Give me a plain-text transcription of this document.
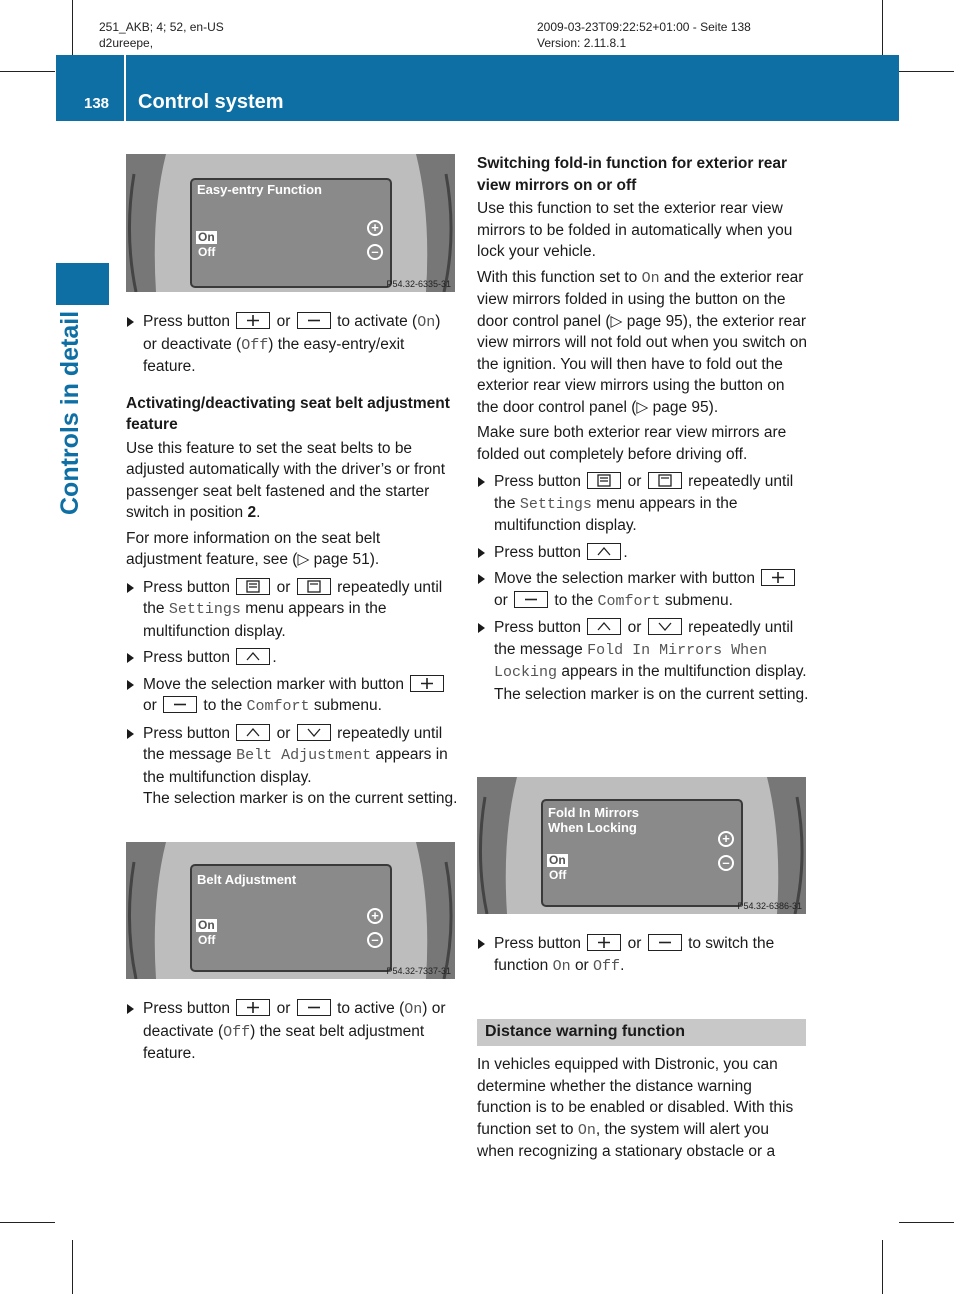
251_AKB; 4; 52, en-US
d2ureepe,
2009-03-23T09:22:52+01:00 - Seite 138
Version: 2.11.8.1
138 Control system
Controls in detail
Easy-entry Function
On
Off
+
–
P54.32-6335-31
Press button	or	to activate (On) or deactivate (Off) the easy-entry/exit feature.
Activating/deactivating seat belt adjustment feature

Use this feature to set the seat belts to be adjusted automatically with the driver’s or front passenger seat belt fastened and the starter switch in position 2.

For more information on the seat belt adjustment feature, see (▷ page 51).

Press button	or	repeatedly until the Settings menu appears in the multifunction display.
Press button	.
Move the selection marker with button
or	to the Comfort submenu.
Press button	or	repeatedly until the message Belt Adjustment appears in the multifunction display.
The selection marker is on the current setting.
Belt Adjustment
On
Off
+
–
P54.32-7337-31
Press button	or	to active (On) or deactivate (Off) the seat belt adjustment feature.
Switching fold-in function for exterior rear view mirrors on or off

Use this function to set the exterior rear view mirrors to be folded in automatically when you lock your vehicle.

With this function set to On and the exterior rear view mirrors folded in using the button on the door control panel (▷ page 95), the exterior rear view mirrors will not fold out when you switch on the ignition. You will then have to fold out the exterior rear view mirrors using the button on the door control panel (▷ page 95).

Make sure both exterior rear view mirrors are folded out completely before driving off.

Press button	or	repeatedly until the Settings menu appears in the multifunction display.
Press button	.
Move the selection marker with button
or	to the Comfort submenu.
Press button	or	repeatedly until the message Fold In Mirrors When Locking appears in the multifunction display.
The selection marker is on the current setting.
Fold In Mirrors
When Locking
On
Off
+
–
P54.32-6386-31
Press button	or	to switch the function On or Off.
Distance warning function

In vehicles equipped with Distronic, you can determine whether the distance warning function is to be enabled or disabled. With this function set to On, the system will alert you when recognizing a stationary obstacle or a
